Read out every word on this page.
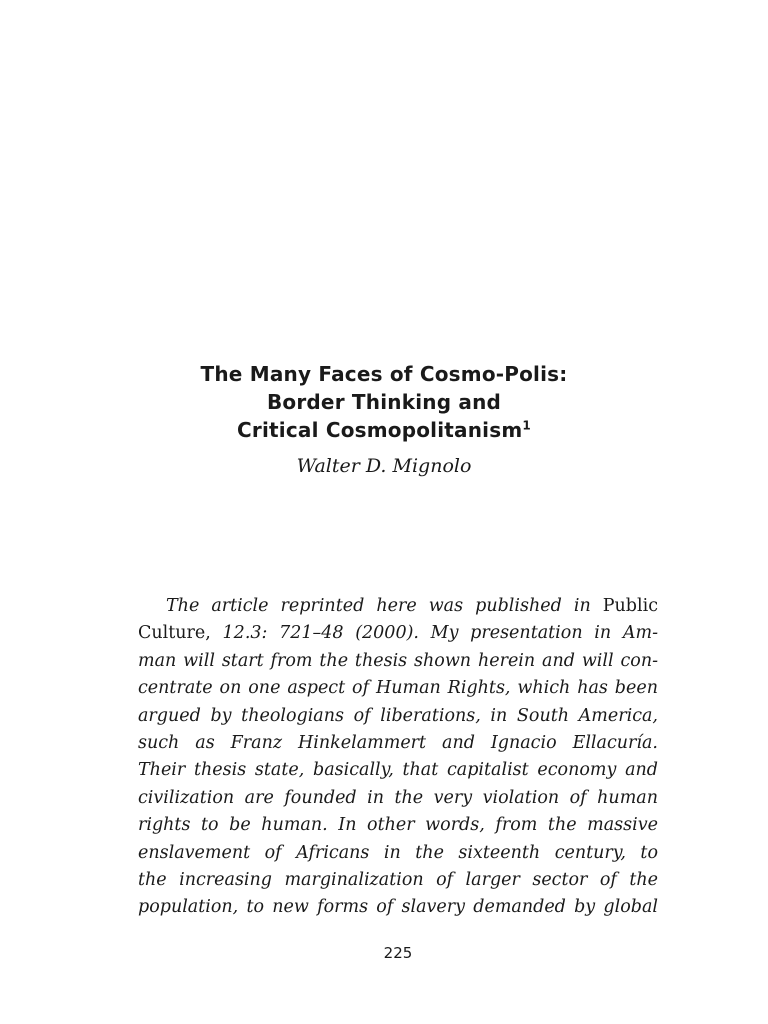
The Many Faces of Cosmo-Polis:
Border Thinking and
Critical Cosmopolitanism$^1$
Walter D. Mignolo
The article reprinted here was published in Public
Culture, 12.3: 721–48 (2000). My presentation in Am-
man will start from the thesis shown herein and will con-
centrate on one aspect of Human Rights, which has been
argued by theologians of liberations, in South America,
such as Franz Hinkelammert and Ignacio Ellacuría.
Their thesis state, basically, that capitalist economy and
civilization are founded in the very violation of human
rights to be human. In other words, from the massive
enslavement of Africans in the sixteenth century, to
the increasing marginalization of larger sector of the
population, to new forms of slavery demanded by global
225
